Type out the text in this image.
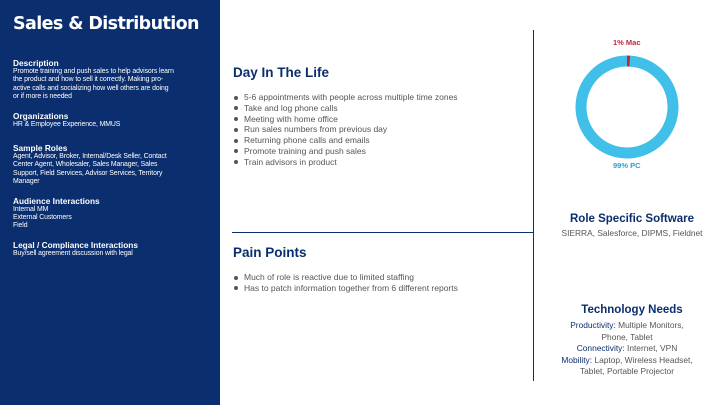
Sales & Distribution
Description
Promote training and push sales to help advisors learn
the product and how to sell it correctly. Making pro-
active calls and socializing how well others are doing
or if more is needed
Organizations
HR & Employee Experience, MMUS
Sample Roles
Agent, Advisor, Broker, Internal/Desk Seller, Contact
Center Agent, Wholesaler, Sales Manager, Sales
Support, Field Services, Advisor Services, Territory
Manager
Audience Interactions
Internal MM
External Customers
Field
Legal / Compliance Interactions
Buy/sell agreement discussion with legal
Day In The Life
5-6 appointments with people across multiple time zones
Take and log phone calls
Meeting with home office
Run sales numbers from previous day
Returning phone calls and emails
Promote training and push sales
Train advisors in product
Pain Points
Much of role is reactive due to limited staffing
Has to patch information together from 6 different reports
1% Mac
99% PC
Role Specific Software
SIERRA, Salesforce, DIPMS, Fieldnet
Technology Needs
Productivity: Multiple Monitors,
Phone, Tablet
Connectivity: Internet, VPN
Mobility: Laptop, Wireless Headset,
Tablet, Portable Projector
